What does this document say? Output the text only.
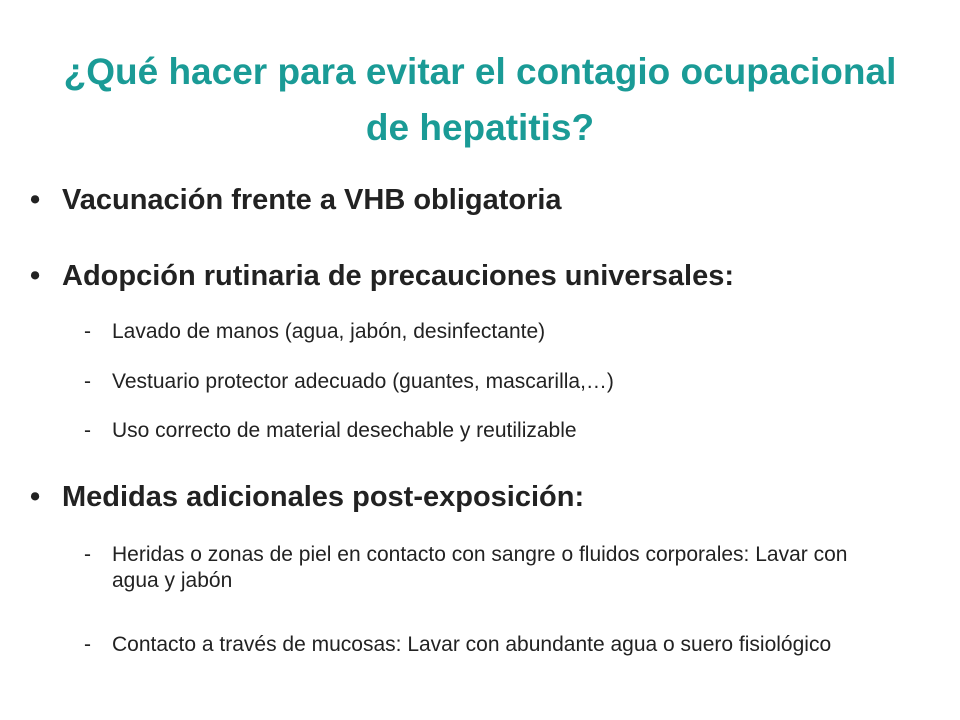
¿Qué hacer para evitar el contagio ocupacional
de hepatitis?
• Vacunación frente a VHB obligatoria
• Adopción rutinaria de precauciones universales:
- Lavado de manos (agua, jabón, desinfectante)
- Vestuario protector adecuado (guantes, mascarilla,…)
- Uso correcto de material desechable y reutilizable
• Medidas adicionales post-exposición:
- Heridas o zonas de piel en contacto con sangre o fluidos corporales: Lavar con agua y jabón
- Contacto a través de mucosas: Lavar con abundante agua o suero fisiológico
